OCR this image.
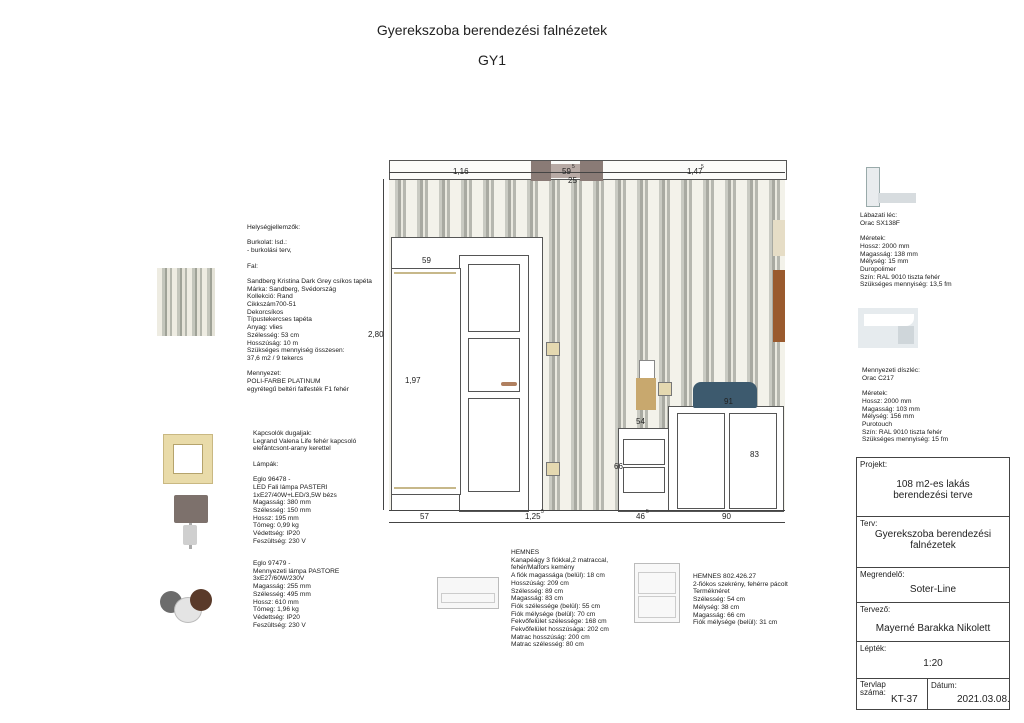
Gyerekszoba berendezési falnézetek
GY1
Helységjellemzők:

Burkolat: lsd.:
- burkolási terv,

Fal:

Sandberg Kristina Dark Grey csíkos tapéta
Márka: Sandberg, Svédország
Kollekció: Rand
Cikkszám700-51
Dekorcsíkos
Típustekercses tapéta
Anyag: vlies
Szélesség: 53 cm
Hosszúság: 10 m
Szükséges mennyiség összesen:
37,6 m2 / 9 tekercs

Mennyezet:
POLI-FARBE PLATINUM
egyrétegű beltéri falfesték F1 fehér
Kapcsolók dugaljak:
Legrand Valena Life fehér kapcsoló
elefántcsont-arany kerettel

Lámpák:

Eglo 96478 -
LED Fali lámpa PASTERI
1xE27/40W+LED/3,5W bézs
Magasság: 380 mm
Szélesség: 150 mm
Hossz: 195 mm
Tömeg: 0,99 kg
Védettség: IP20
Feszültség: 230 V
Eglo 97479 -
Mennyezeti lámpa PASTORE
3xE27/60W/230V
Magasság: 255 mm
Szélesség: 495 mm
Hossz: 610 mm
Tömeg: 1,96 kg
Védettség: IP20
Feszültség: 230 V
1,16	59 5
25
1,47
5
2,80
59
1,97
57	1,25 5	46 5	90
54
66
91
83
HEMNES
Kanapéágy 3 fiókkal,2 matraccal,
fehér/Malfors kemény
A fiók magassága (belül): 18 cm
Hosszúság: 209 cm
Szélesség: 89 cm
Magasság: 83 cm
Fiók szélessége (belül): 55 cm
Fiók mélysége (belül): 70 cm
Fekvőfelület szélessége: 168 cm
Fekvőfelület hosszúsága: 202 cm
Matrac hosszúság: 200 cm
Matrac szélesség: 80 cm
HEMNES 802.426.27
2-fiókos szekrény, fehérre pácolt
Terméknéret
Szélesség: 54 cm
Mélység: 38 cm
Magasság: 66 cm
Fiók mélysége (belül): 31 cm
Lábazati léc:
Orac SX138F

Méretek:
Hossz: 2000 mm
Magasság: 138 mm
Mélység: 15 mm
Duropolimer
Szín: RAL 9010 tiszta fehér
Szükséges mennyiség: 13,5 fm
Mennyezeti díszléc:
Orac C217

Méretek:
Hossz: 2000 mm
Magasság: 103 mm
Mélység: 156 mm
Purotouch
Szín: RAL 9010 tiszta fehér
Szükséges mennyiség: 15 fm
Projekt:
108 m2-es lakás
berendezési terve
Terv:
Gyerekszoba berendezési
falnézetek
Megrendelő:
Soter-Line
Tervező:
Mayerné Barakka Nikolett
Lépték:
1:20
Tervlap
száma:
KT-37
Dátum:
2021.03.08.
